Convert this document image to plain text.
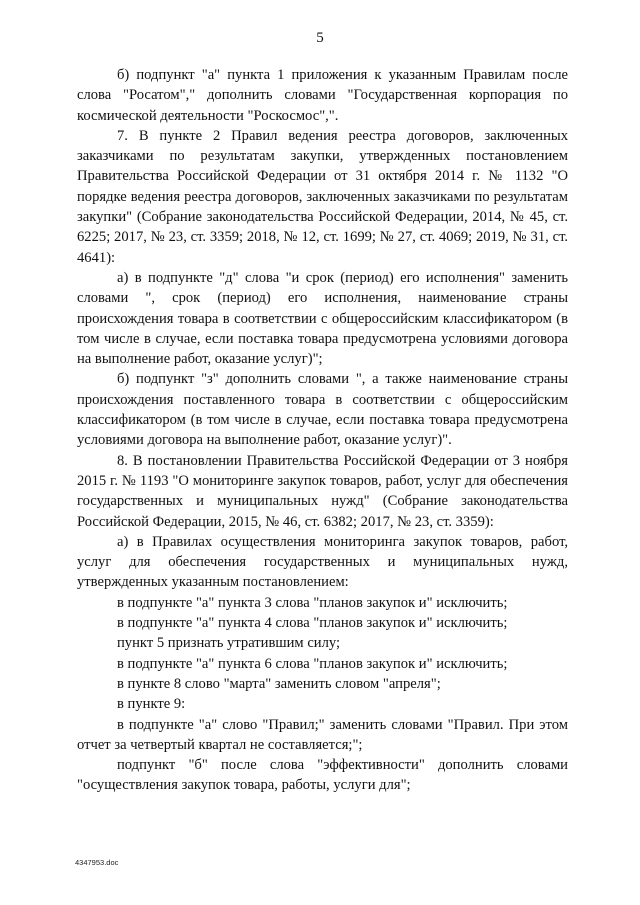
5

б) подпункт "а" пункта 1 приложения к указанным Правилам после слова "Росатом"," дополнить словами "Государственная корпорация по космической деятельности "Роскосмос",".

7. В пункте 2 Правил ведения реестра договоров, заключенных заказчиками по результатам закупки, утвержденных постановлением Правительства Российской Федерации от 31 октября 2014 г. № 1132 "О порядке ведения реестра договоров, заключенных заказчиками по результатам закупки" (Собрание законодательства Российской Федерации, 2014, № 45, ст. 6225; 2017, № 23, ст. 3359; 2018, № 12, ст. 1699; № 27, ст. 4069; 2019, № 31, ст. 4641):

а) в подпункте "д" слова "и срок (период) его исполнения" заменить словами ", срок (период) его исполнения, наименование страны происхождения товара в соответствии с общероссийским классификатором (в том числе в случае, если поставка товара предусмотрена условиями договора на выполнение работ, оказание услуг)";

б) подпункт "з" дополнить словами ", а также наименование страны происхождения поставленного товара в соответствии с общероссийским классификатором (в том числе в случае, если поставка товара предусмотрена условиями договора на выполнение работ, оказание услуг)".

8. В постановлении Правительства Российской Федерации от 3 ноября 2015 г. № 1193 "О мониторинге закупок товаров, работ, услуг для обеспечения государственных и муниципальных нужд" (Собрание законодательства Российской Федерации, 2015, № 46, ст. 6382; 2017, № 23, ст. 3359):

а) в Правилах осуществления мониторинга закупок товаров, работ, услуг для обеспечения государственных и муниципальных нужд, утвержденных указанным постановлением:

в подпункте "а" пункта 3 слова "планов закупок и" исключить;

в подпункте "а" пункта 4 слова "планов закупок и" исключить;

пункт 5 признать утратившим силу;

в подпункте "а" пункта 6 слова "планов закупок и" исключить;

в пункте 8 слово "марта" заменить словом "апреля";

в пункте 9:

в подпункте "а" слово "Правил;" заменить словами "Правил. При этом отчет за четвертый квартал не составляется;";

подпункт "б" после слова "эффективности" дополнить словами "осуществления закупок товара, работы, услуги для";

4347953.doc
